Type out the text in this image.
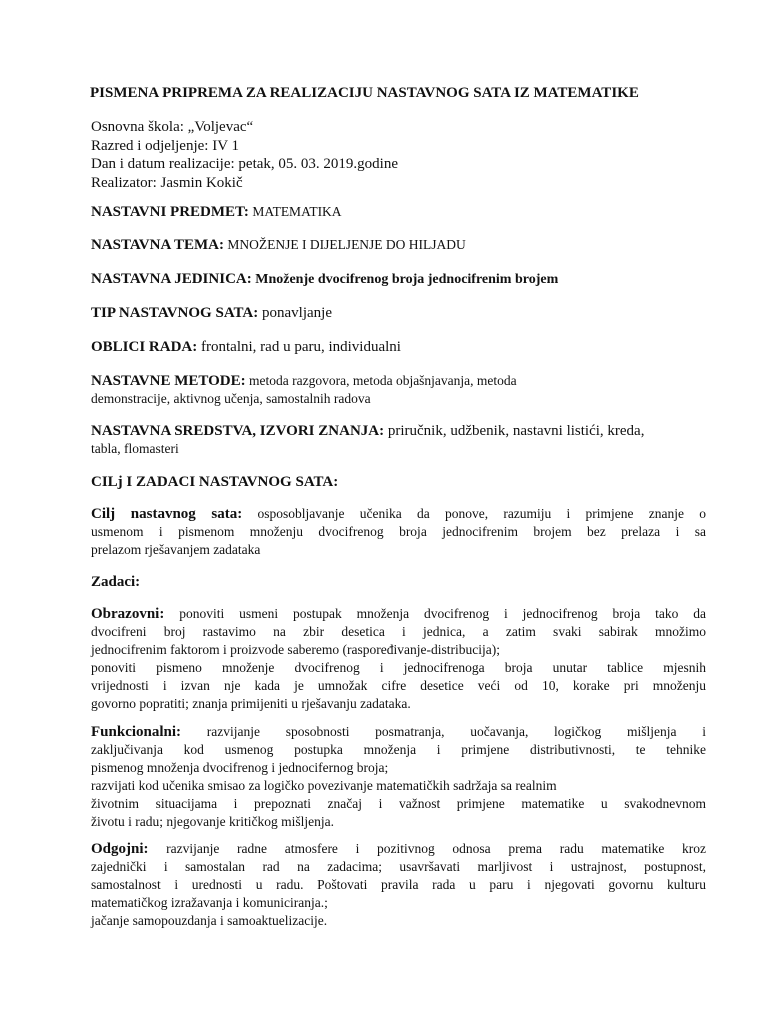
PISMENA PRIPREMA ZA REALIZACIJU NASTAVNOG SATA IZ MATEMATIKE
Osnovna škola: „Voljevac“
Razred i odjeljenje: IV 1
Dan i datum realizacije: petak, 05. 03. 2019.godine
Realizator: Jasmin Kokič
NASTAVNI PREDMET: MATEMATIKA
NASTAVNA TEMA: MNOŽENJE I DIJELJENJE DO HILJADU
NASTAVNA JEDINICA: Množenje dvocifrenog broja jednocifrenim brojem
TIP NASTAVNOG SATA: ponavljanje
OBLICI RADA: frontalni, rad u paru, individualni
NASTAVNE METODE: metoda razgovora, metoda objašnjavanja, metoda
demonstracije, aktivnog učenja, samostalnih radova
NASTAVNA SREDSTVA, IZVORI ZNANJA: priručnik, udžbenik, nastavni listići, kreda,
tabla, flomasteri
CILj I ZADACI NASTAVNOG SATA:
Cilj nastavnog sata: osposobljavanje učenika da ponove, razumiju i primjene znanje o
usmenom i pismenom množenju dvocifrenog broja jednocifrenim brojem bez prelaza i sa
prelazom rješavanjem zadataka
Zadaci:
Obrazovni: ponoviti usmeni postupak množenja dvocifrenog i jednocifrenog broja tako da
dvocifreni broj rastavimo na zbir desetica i jednica, a zatim svaki sabirak množimo
jednocifrenim faktorom i proizvode saberemo (raspoređivanje-distribucija);
ponoviti pismeno množenje dvocifrenog i jednocifrenoga broja unutar tablice mjesnih
vrijednosti i izvan nje kada je umnožak cifre desetice veći od 10, korake pri množenju
govorno popratiti; znanja primijeniti u rješavanju zadataka.
Funkcionalni: razvijanje sposobnosti posmatranja, uočavanja, logičkog mišljenja i
zaključivanja kod usmenog postupka množenja i primjene distributivnosti, te tehnike
pismenog množenja dvocifrenog i jednocifernog broja;
razvijati kod učenika smisao za logičko povezivanje matematičkih sadržaja sa realnim
životnim situacijama i prepoznati značaj i važnost primjene matematike u svakodnevnom
životu i radu; njegovanje kritičkog mišljenja.
Odgojni: razvijanje radne atmosfere i pozitivnog odnosa prema radu matematike kroz
zajednički i samostalan rad na zadacima; usavršavati marljivost i ustrajnost, postupnost,
samostalnost i urednosti u radu. Poštovati pravila rada u paru i njegovati govornu kulturu
matematičkog izražavanja i komuniciranja.;
jačanje samopouzdanja i samoaktuelizacije.
